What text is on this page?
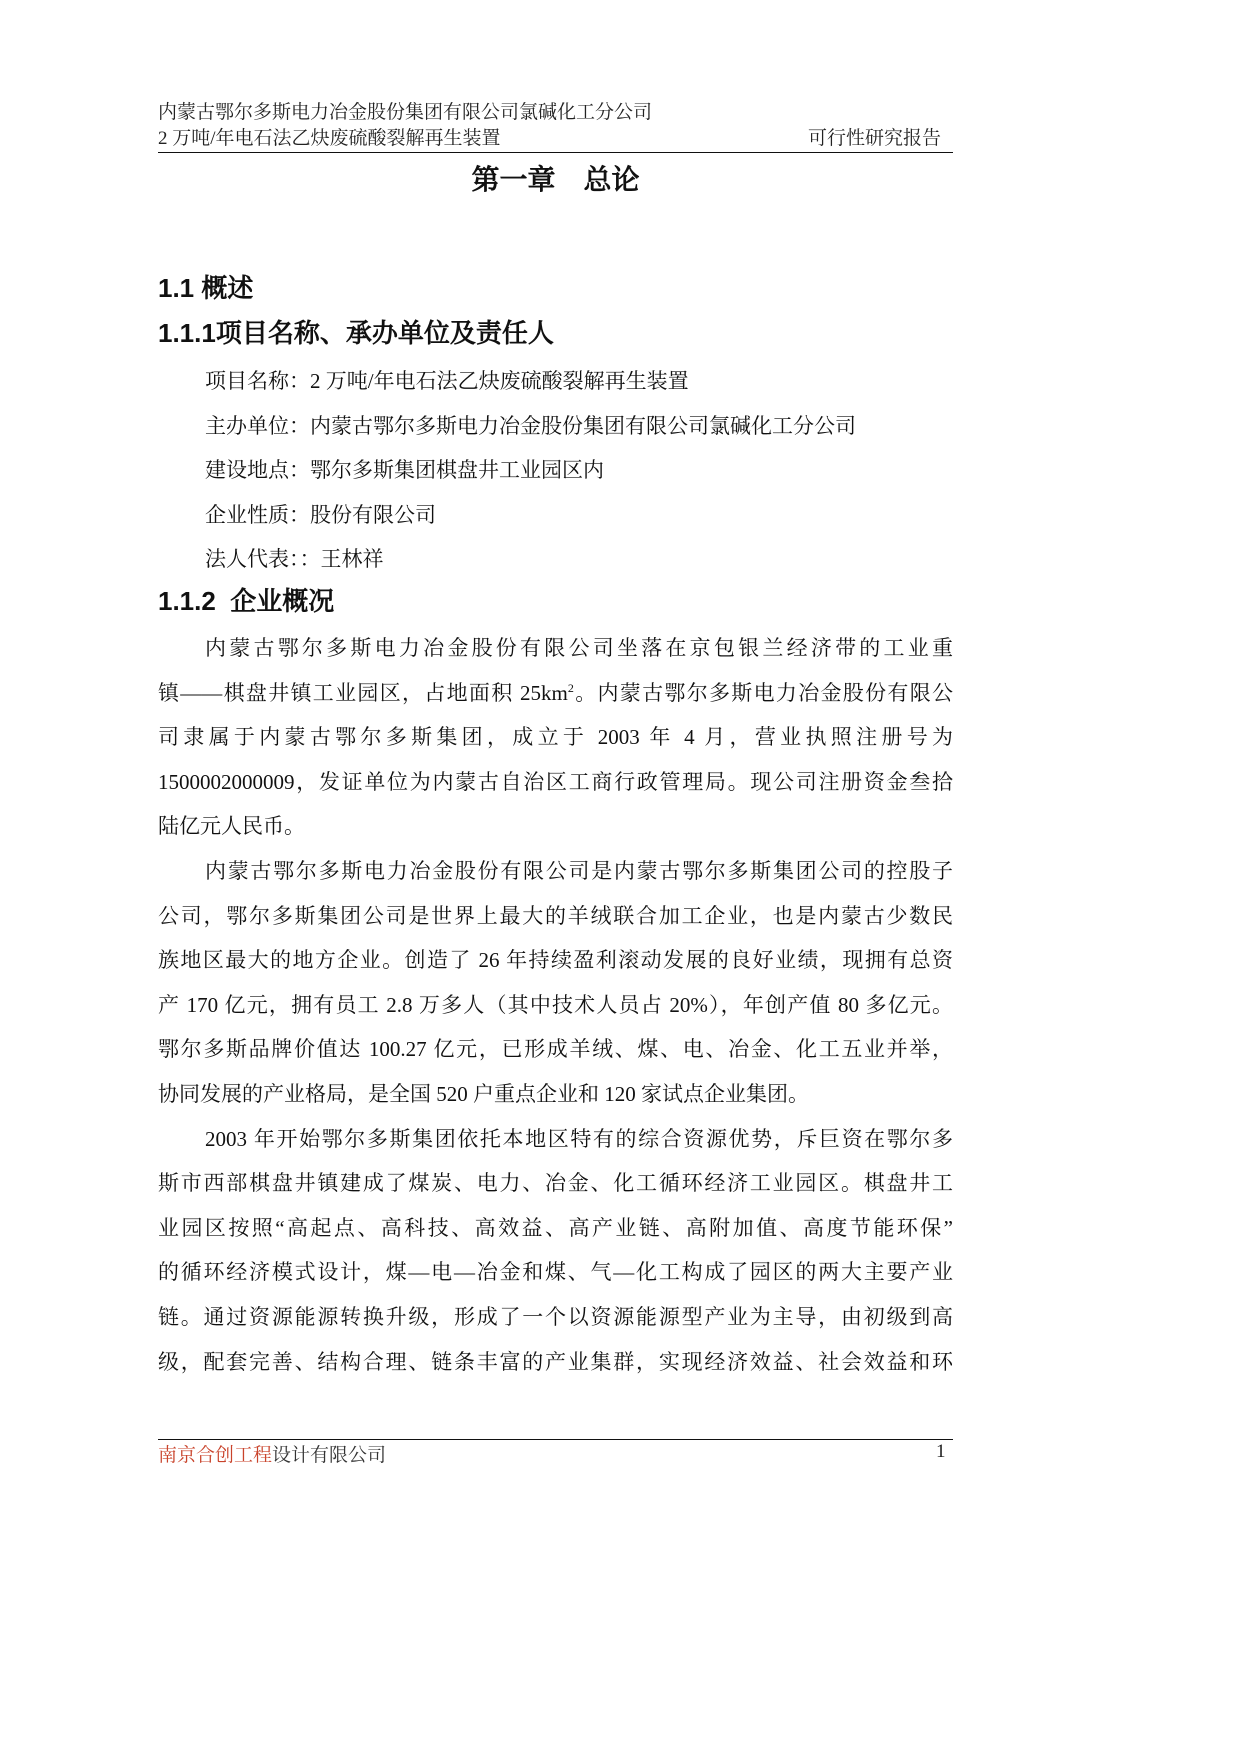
内蒙古鄂尔多斯电力冶金股份集团有限公司氯碱化工分公司
2 万吨/年电石法乙炔废硫酸裂解再生装置	可行性研究报告
第一章　总论
1.1 概述
1.1.1项目名称、承办单位及责任人
项目名称：2 万吨/年电石法乙炔废硫酸裂解再生装置
主办单位：内蒙古鄂尔多斯电力冶金股份集团有限公司氯碱化工分公司
建设地点：鄂尔多斯集团棋盘井工业园区内
企业性质：股份有限公司
法人代表：：王林祥
1.1.2  企业概况
内蒙古鄂尔多斯电力冶金股份有限公司坐落在京包银兰经济带的工业重
镇——棋盘井镇工业园区，占地面积 $25km^2$。内蒙古鄂尔多斯电力冶金股份有限公
司隶属于内蒙古鄂尔多斯集团，成立于 2003 年 4 月，营业执照注册号为
1500002000009，发证单位为内蒙古自治区工商行政管理局。现公司注册资金叁拾
陆亿元人民币。
内蒙古鄂尔多斯电力冶金股份有限公司是内蒙古鄂尔多斯集团公司的控股子
公司，鄂尔多斯集团公司是世界上最大的羊绒联合加工企业，也是内蒙古少数民
族地区最大的地方企业。创造了 26 年持续盈利滚动发展的良好业绩，现拥有总资
产 170 亿元，拥有员工 2.8 万多人（其中技术人员占 20%），年创产值 80 多亿元。
鄂尔多斯品牌价值达 100.27 亿元，已形成羊绒、煤、电、冶金、化工五业并举，
协同发展的产业格局，是全国 520 户重点企业和 120 家试点企业集团。
2003 年开始鄂尔多斯集团依托本地区特有的综合资源优势，斥巨资在鄂尔多
斯市西部棋盘井镇建成了煤炭、电力、冶金、化工循环经济工业园区。棋盘井工
业园区按照“高起点、高科技、高效益、高产业链、高附加值、高度节能环保”
的循环经济模式设计，煤—电—冶金和煤、气—化工构成了园区的两大主要产业
链。通过资源能源转换升级，形成了一个以资源能源型产业为主导，由初级到高
级，配套完善、结构合理、链条丰富的产业集群，实现经济效益、社会效益和环
南京合创工程设计有限公司	1
